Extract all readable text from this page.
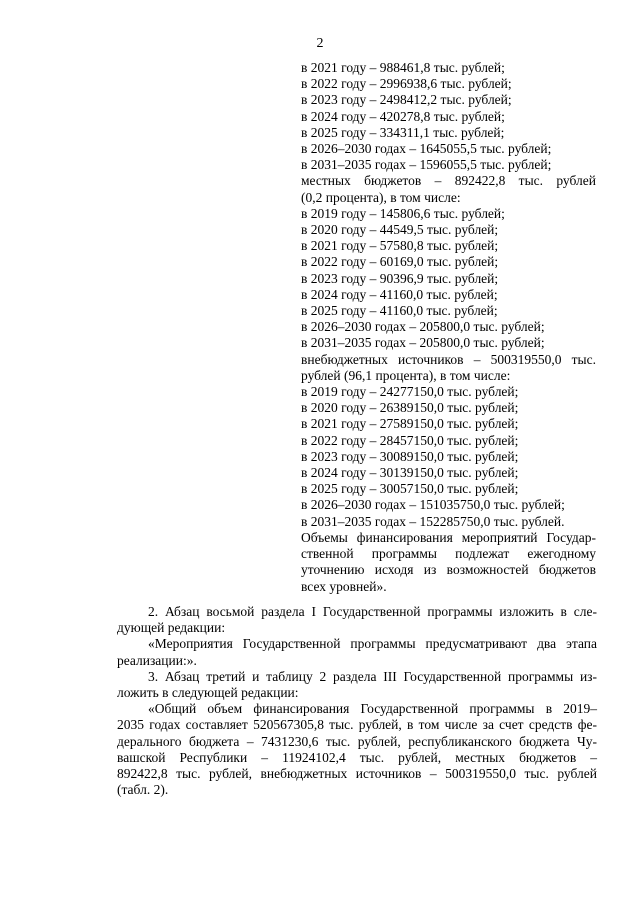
2
в 2021 году – 988461,8 тыс. рублей;
в 2022 году – 2996938,6 тыс. рублей;
в 2023 году – 2498412,2 тыс. рублей;
в 2024 году – 420278,8 тыс. рублей;
в 2025 году – 334311,1 тыс. рублей;
в 2026–2030 годах – 1645055,5 тыс. рублей;
в 2031–2035 годах – 1596055,5 тыс. рублей;
местных бюджетов – 892422,8 тыс. рублей
(0,2 процента), в том числе:
в 2019 году – 145806,6 тыс. рублей;
в 2020 году – 44549,5 тыс. рублей;
в 2021 году – 57580,8 тыс. рублей;
в 2022 году – 60169,0 тыс. рублей;
в 2023 году – 90396,9 тыс. рублей;
в 2024 году – 41160,0 тыс. рублей;
в 2025 году – 41160,0 тыс. рублей;
в 2026–2030 годах – 205800,0 тыс. рублей;
в 2031–2035 годах – 205800,0 тыс. рублей;
внебюджетных источников – 500319550,0 тыс.
рублей (96,1 процента), в том числе:
в 2019 году – 24277150,0 тыс. рублей;
в 2020 году – 26389150,0 тыс. рублей;
в 2021 году – 27589150,0 тыс. рублей;
в 2022 году – 28457150,0 тыс. рублей;
в 2023 году – 30089150,0 тыс. рублей;
в 2024 году – 30139150,0 тыс. рублей;
в 2025 году – 30057150,0 тыс. рублей;
в 2026–2030 годах – 151035750,0 тыс. рублей;
в 2031–2035 годах – 152285750,0 тыс. рублей.
Объемы финансирования мероприятий Государ-
ственной программы подлежат ежегодному
уточнению исходя из возможностей бюджетов
всех уровней».
2. Абзац восьмой раздела I Государственной программы изложить в сле-
дующей редакции:
«Мероприятия Государственной программы предусматривают два этапа
реализации:».
3. Абзац третий и таблицу 2 раздела III Государственной программы из-
ложить в следующей редакции:
«Общий объем финансирования Государственной программы в 2019–
2035 годах составляет 520567305,8 тыс. рублей, в том числе за счет средств фе-
дерального бюджета – 7431230,6 тыс. рублей, республиканского бюджета Чу-
вашской Республики – 11924102,4 тыс. рублей, местных бюджетов –
892422,8 тыс. рублей, внебюджетных источников – 500319550,0 тыс. рублей
(табл. 2).
